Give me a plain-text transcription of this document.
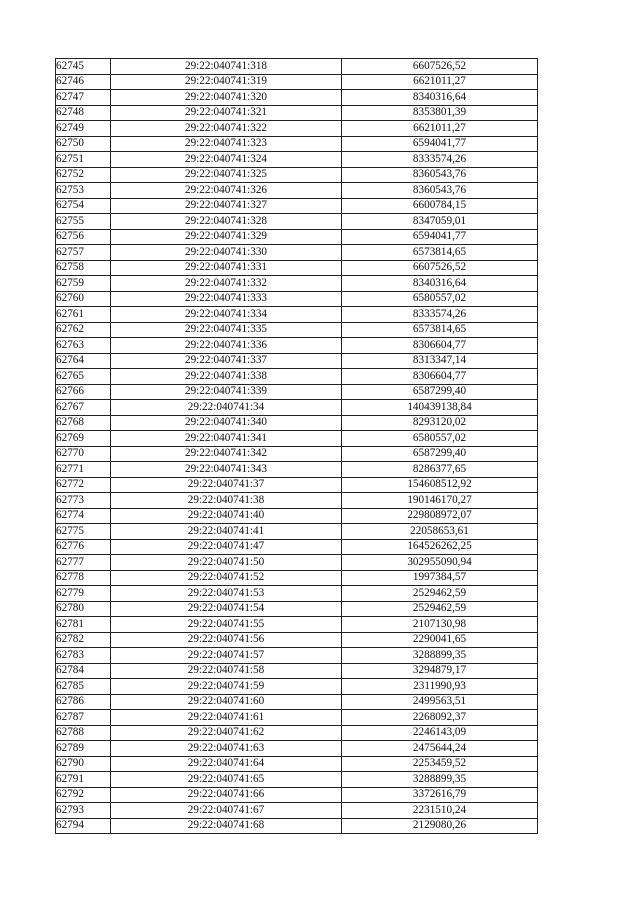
62745	29:22:040741:318	6607526,52
62746	29:22:040741:319	6621011,27
62747	29:22:040741:320	8340316,64
62748	29:22:040741:321	8353801,39
62749	29:22:040741:322	6621011,27
62750	29:22:040741:323	6594041,77
62751	29:22:040741:324	8333574,26
62752	29:22:040741:325	8360543,76
62753	29:22:040741:326	8360543,76
62754	29:22:040741:327	6600784,15
62755	29:22:040741:328	8347059,01
62756	29:22:040741:329	6594041,77
62757	29:22:040741:330	6573814,65
62758	29:22:040741:331	6607526,52
62759	29:22:040741:332	8340316,64
62760	29:22:040741:333	6580557,02
62761	29:22:040741:334	8333574,26
62762	29:22:040741:335	6573814,65
62763	29:22:040741:336	8306604,77
62764	29:22:040741:337	8313347,14
62765	29:22:040741:338	8306604,77
62766	29:22:040741:339	6587299,40
62767	29:22:040741:34	140439138,84
62768	29:22:040741:340	8293120,02
62769	29:22:040741:341	6580557,02
62770	29:22:040741:342	6587299,40
62771	29:22:040741:343	8286377,65
62772	29:22:040741:37	154608512,92
62773	29:22:040741:38	190146170,27
62774	29:22:040741:40	229808972,07
62775	29:22:040741:41	22058653,61
62776	29:22:040741:47	164526262,25
62777	29:22:040741:50	302955090,94
62778	29:22:040741:52	1997384,57
62779	29:22:040741:53	2529462,59
62780	29:22:040741:54	2529462,59
62781	29:22:040741:55	2107130,98
62782	29:22:040741:56	2290041,65
62783	29:22:040741:57	3288899,35
62784	29:22:040741:58	3294879,17
62785	29:22:040741:59	2311990,93
62786	29:22:040741:60	2499563,51
62787	29:22:040741:61	2268092,37
62788	29:22:040741:62	2246143,09
62789	29:22:040741:63	2475644,24
62790	29:22:040741:64	2253459,52
62791	29:22:040741:65	3288899,35
62792	29:22:040741:66	3372616,79
62793	29:22:040741:67	2231510,24
62794	29:22:040741:68	2129080,26
